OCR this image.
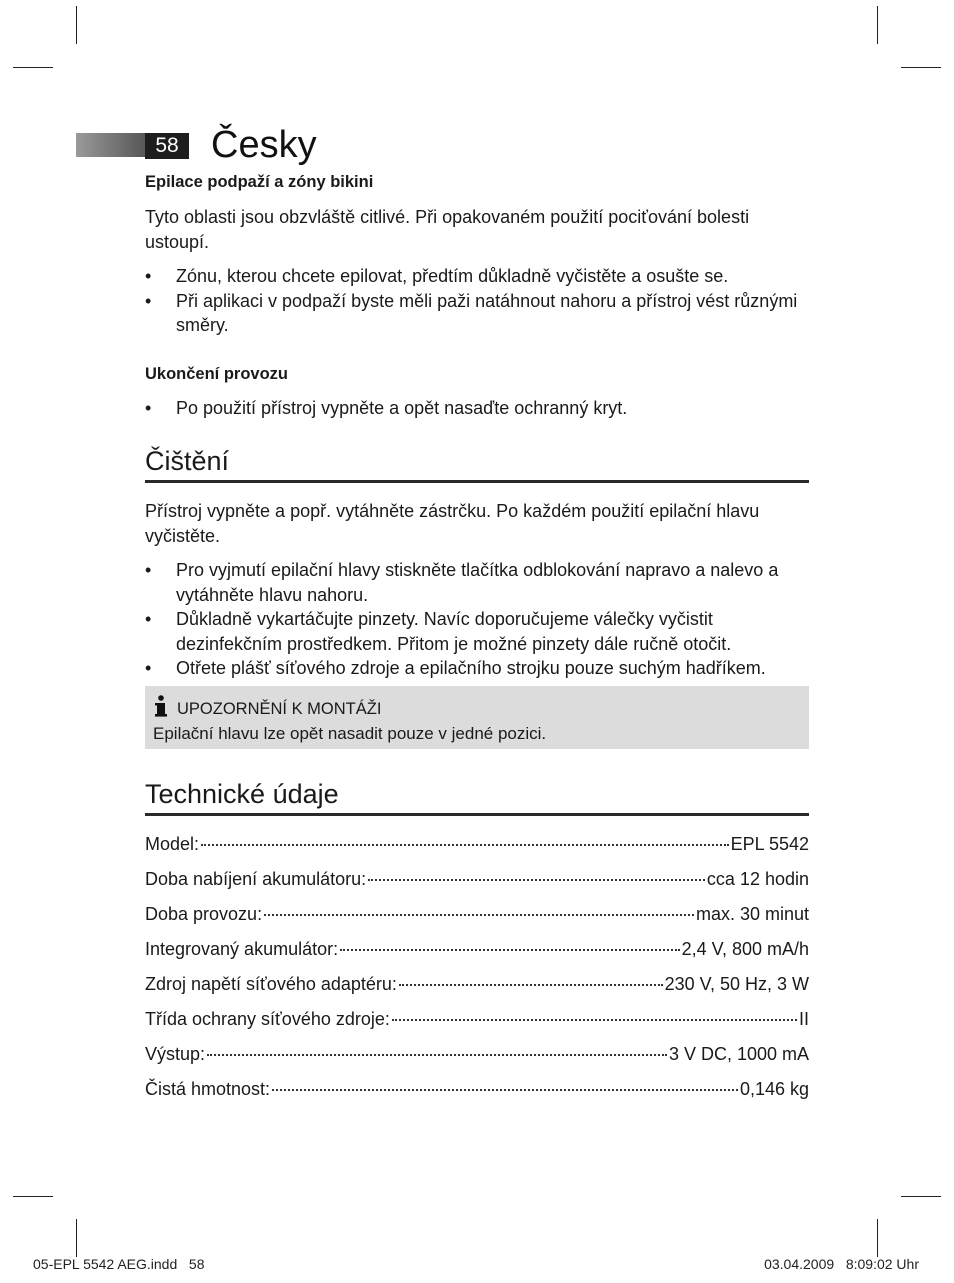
58 Česky
Epilace podpaží a zóny bikini
Tyto oblasti jsou obzvláště citlivé. Při opakovaném použití pociťování bolesti ustoupí.
• Zónu, kterou chcete epilovat, předtím důkladně vyčistěte a osušte se.
• Při aplikaci v podpaží byste měli paži natáhnout nahoru a přístroj vést různými směry.
Ukončení provozu
• Po použití přístroj vypněte a opět nasaďte ochranný kryt.
Čištění
Přístroj vypněte a popř. vytáhněte zástrčku. Po každém použití epilační hlavu vyčistěte.
• Pro vyjmutí epilační hlavy stiskněte tlačítka odblokování napravo a nalevo a vytáhněte hlavu nahoru.
• Důkladně vykartáčujte pinzety. Navíc doporučujeme válečky vyčistit dezinfekčním prostředkem. Přitom je možné pinzety dále ručně otočit.
• Otřete plášť síťového zdroje a epilačního strojku pouze suchým hadříkem.
UPOZORNĚNÍ K MONTÁŽI
Epilační hlavu lze opět nasadit pouze v jedné pozici.
Technické údaje
Model:	EPL 5542
Doba nabíjení akumulátoru:	cca 12 hodin
Doba provozu:	max. 30 minut
Integrovaný akumulátor:	2,4 V, 800 mA/h
Zdroj napětí síťového adaptéru:	230 V, 50 Hz, 3 W
Třída ochrany síťového zdroje:	II
Výstup:	3 V DC, 1000 mA
Čistá hmotnost:	0,146 kg
05-EPL 5542 AEG.indd   58	03.04.2009   8:09:02 Uhr
